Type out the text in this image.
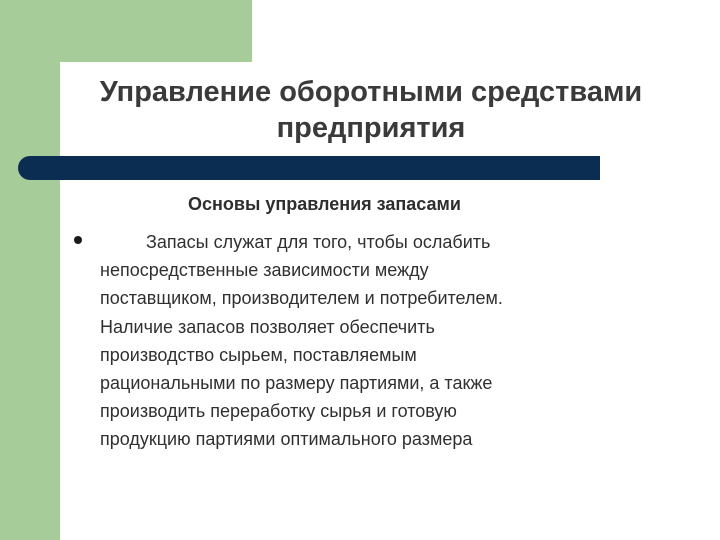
Управление оборотными средствами предприятия
Основы управления запасами
Запасы служат для того, чтобы ослабить
непосредственные зависимости между
поставщиком, производителем и потребителем.
Наличие запасов позволяет обеспечить
производство сырьем, поставляемым
рациональными по размеру партиями, а также
производить переработку сырья и готовую
продукцию партиями оптимального размера
